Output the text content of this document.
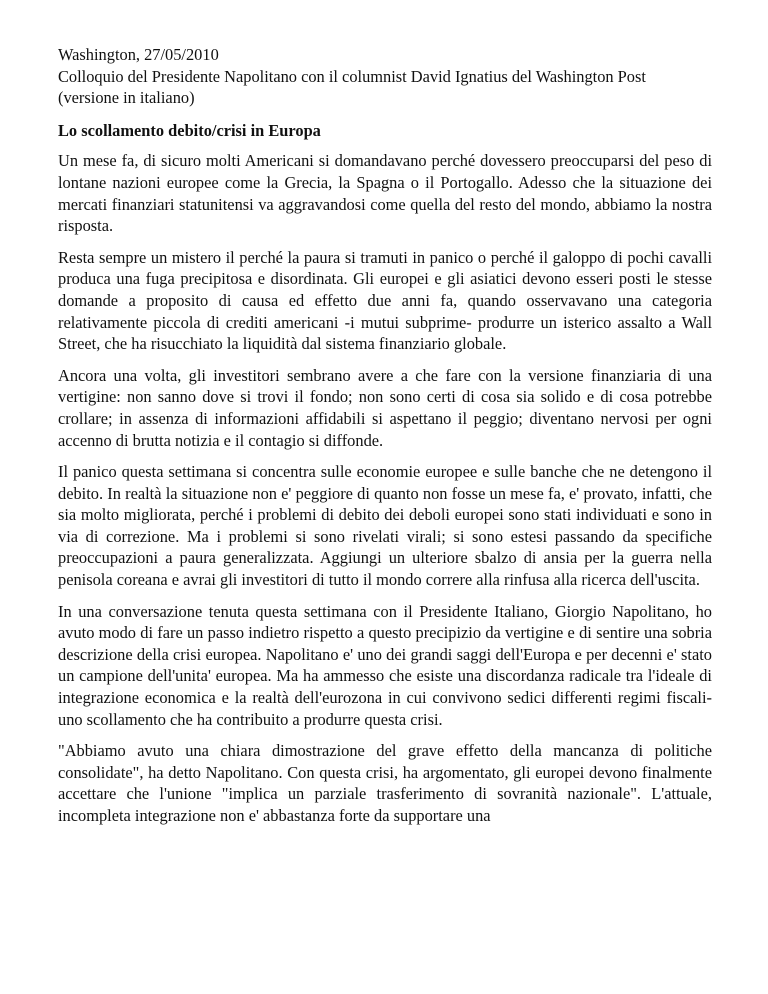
Washington, 27/05/2010
Colloquio del Presidente Napolitano con il columnist David Ignatius del Washington Post
(versione in italiano)
Lo scollamento debito/crisi in Europa

Un mese fa, di sicuro molti Americani si domandavano perché dovessero preoccuparsi del peso di lontane nazioni europee come la Grecia, la Spagna o il Portogallo. Adesso che la situazione dei mercati finanziari statunitensi va aggravandosi come quella del resto del mondo, abbiamo la nostra risposta.

Resta sempre un mistero il perché la paura si tramuti in panico o perché il galoppo di pochi cavalli produca una fuga precipitosa e disordinata. Gli europei e gli asiatici devono esseri posti le stesse domande a proposito di causa ed effetto due anni fa, quando osservavano una categoria relativamente piccola di crediti americani -i mutui subprime- produrre un isterico assalto a Wall Street, che ha risucchiato la liquidità dal sistema finanziario globale.

Ancora una volta, gli investitori sembrano avere a che fare con la versione finanziaria di una vertigine: non sanno dove si trovi il fondo; non sono certi di cosa sia solido e di cosa potrebbe crollare; in assenza di informazioni affidabili si aspettano il peggio; diventano nervosi per ogni accenno di brutta notizia e il contagio si diffonde.

Il panico questa settimana si concentra sulle economie europee e sulle banche che ne detengono il debito. In realtà la situazione non e' peggiore di quanto non fosse un mese fa, e' provato, infatti, che sia molto migliorata, perché i problemi di debito dei deboli europei sono stati individuati e sono in via di correzione. Ma i problemi si sono rivelati virali; si sono estesi passando da specifiche preoccupazioni a paura generalizzata. Aggiungi un ulteriore sbalzo di ansia per la guerra nella penisola coreana e avrai gli investitori di tutto il mondo correre alla rinfusa alla ricerca dell'uscita.

In una conversazione tenuta questa settimana con il Presidente Italiano, Giorgio Napolitano, ho avuto modo di fare un passo indietro rispetto a questo precipizio da vertigine e di sentire una sobria descrizione della crisi europea. Napolitano e' uno dei grandi saggi dell'Europa e per decenni e' stato un campione dell'unita' europea. Ma ha ammesso che esiste una discordanza radicale tra l'ideale di integrazione economica e la realtà dell'eurozona in cui convivono sedici differenti regimi fiscali- uno scollamento che ha contribuito a produrre questa crisi.

"Abbiamo avuto una chiara dimostrazione del grave effetto della mancanza di politiche consolidate", ha detto Napolitano. Con questa crisi, ha argomentato, gli europei devono finalmente accettare che l'unione "implica un parziale trasferimento di sovranità nazionale". L'attuale, incompleta integrazione non e' abbastanza forte da supportare una
